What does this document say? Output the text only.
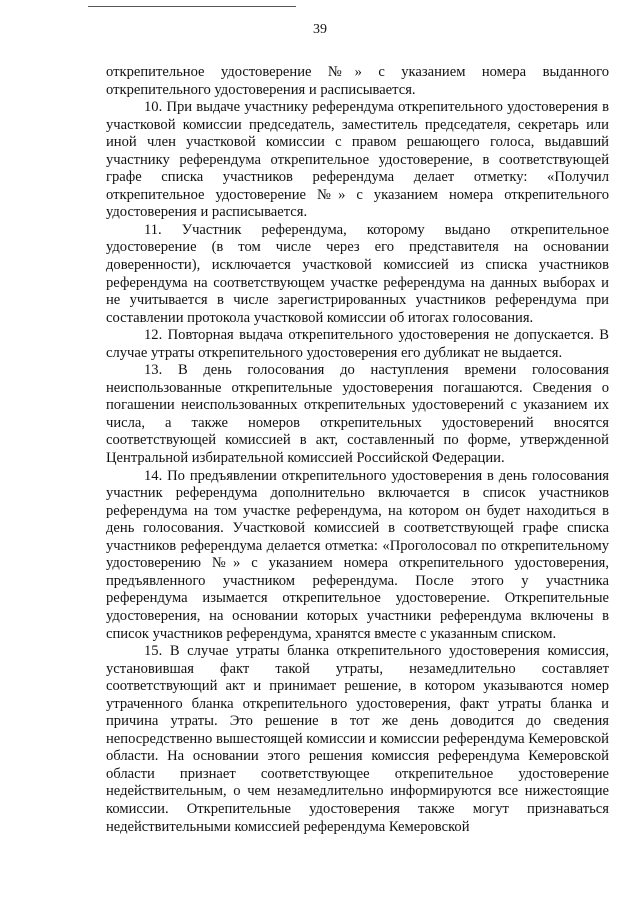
39

открепительное удостоверение №» с указанием номера выданного открепительного удостоверения и расписывается.

10. При выдаче участнику референдума открепительного удостоверения в участковой комиссии председатель, заместитель председателя, секретарь или иной член участковой комиссии с правом решающего голоса, выдавший участнику референдума открепительное удостоверение, в соответствующей графе списка участников референдума делает отметку: «Получил открепительное удостоверение №» с указанием номера открепительного удостоверения и расписывается.

11. Участник референдума, которому выдано открепительное удостоверение (в том числе через его представителя на основании доверенности), исключается участковой комиссией из списка участников референдума на соответствующем участке референдума на данных выборах и не учитывается в числе зарегистрированных участников референдума при составлении протокола участковой комиссии об итогах голосования.

12. Повторная выдача открепительного удостоверения не допускается. В случае утраты открепительного удостоверения его дубликат не выдается.

13. В день голосования до наступления времени голосования неиспользованные открепительные удостоверения погашаются. Сведения о погашении неиспользованных открепительных удостоверений с указанием их числа, а также номеров открепительных удостоверений вносятся соответствующей комиссией в акт, составленный по форме, утвержденной Центральной избирательной комиссией Российской Федерации.

14. По предъявлении открепительного удостоверения в день голосования участник референдума дополнительно включается в список участников референдума на том участке референдума, на котором он будет находиться в день голосования. Участковой комиссией в соответствующей графе списка участников референдума делается отметка: «Проголосовал по открепительному удостоверению №» с указанием номера открепительного удостоверения, предъявленного участником референдума. После этого у участника референдума изымается открепительное удостоверение. Открепительные удостоверения, на основании которых участники референдума включены в список участников референдума, хранятся вместе с указанным списком.

15. В случае утраты бланка открепительного удостоверения комиссия, установившая факт такой утраты, незамедлительно составляет соответствующий акт и принимает решение, в котором указываются номер утраченного бланка открепительного удостоверения, факт утраты бланка и причина утраты. Это решение в тот же день доводится до сведения непосредственно вышестоящей комиссии и комиссии референдума Кемеровской области. На основании этого решения комиссия референдума Кемеровской области признает соответствующее открепительное удостоверение недействительным, о чем незамедлительно информируются все нижестоящие комиссии. Открепительные удостоверения также могут признаваться недействительными комиссией референдума Кемеровской
